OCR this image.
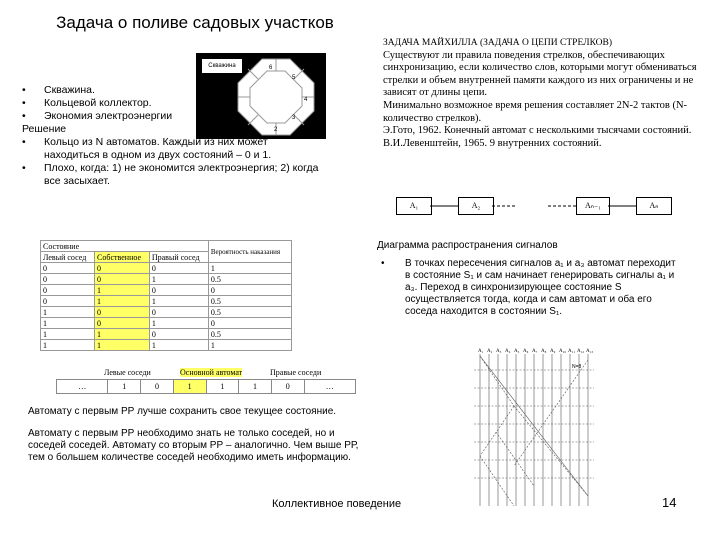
Задача о поливе садовых участков
Скважина	6
5
4
3
2
• Скважина.
• Кольцевой коллектор.
• Экономия электроэнергии
Решение
• Кольцо из N автоматов. Каждый из них может находиться в одном из двух состояний – 0 и 1.
• Плохо, когда: 1) не экономится электроэнергия; 2) когда все засыхает.

ЗАДАЧА МАЙХИЛЛА (ЗАДАЧА О ЦЕПИ СТРЕЛКОВ)

Существуют ли правила поведения стрелков, обеспечивающих синхронизацию, если количество слов, которыми могут обмениваться стрелки и объем внутренней памяти каждого из них ограничены и не зависят от длины цепи.

Минимально возможное время решения составляет 2N-2 тактов (N-количество стрелков).

Э.Гото, 1962. Конечный автомат с несколькими тысячами состояний.

В.И.Левенштейн, 1965. 9 внутренних состояний.

A₁	A₂	Aₙ₋₁	Aₙ
Состояние			Вероятность наказания
Левый сосед	Собственное	Правый сосед	
0	0	0	1
0	0	1	0.5
0	1	0	0
0	1	1	0.5
1	0	0	0.5
1	0	1	0
1	1	0	0.5
1	1	1	1
Левые соседи	Основной автомат	Правые соседи
…	1	0	1	1	1	0	…
Диаграмма распространения сигналов
• В точках пересечения сигналов a₁ и a₃ автомат переходит в состояние S₁ и сам начинает генерировать сигналы a₁ и a₃. Переход в синхронизирующее состояние S осуществляется тогда, когда и сам автомат и оба его соседа находится в состоянии S₁.
A₁ A₂ A₃ A₄ A₅ A₆ A₇ A₈ A₉ A₁₀ A₁₁ A₁₂ A₁₃
N=8

Автомату с первым РР лучше сохранить свое текущее состояние.

Автомату с первым РР необходимо знать не только соседей, но и соседей соседей. Автомату со вторым РР – аналогично. Чем выше РР, тем о большем количестве соседей необходимо иметь информацию.

Коллективное поведение	14
